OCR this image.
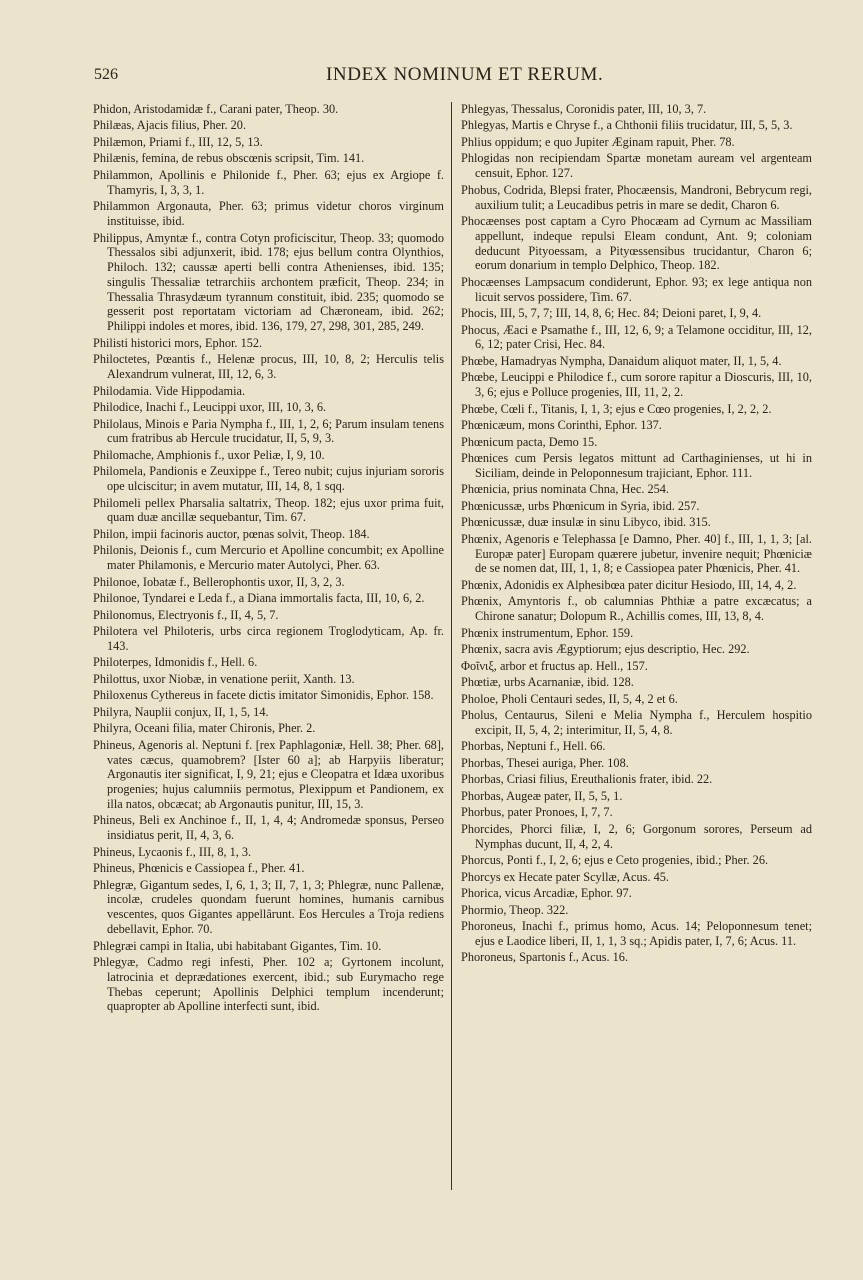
526	INDEX NOMINUM ET RERUM.

Phidon, Aristodamidæ f., Carani pater, Theop. 30.

Philæas, Ajacis filius, Pher. 20.

Philæmon, Priami f., III, 12, 5, 13.

Philænis, femina, de rebus obscœnis scripsit, Tim. 141.

Philammon, Apollinis e Philonide f., Pher. 63; ejus ex Argiope f. Thamyris, I, 3, 3, 1.

Philammon Argonauta, Pher. 63; primus videtur choros virginum instituisse, ibid.

Philippus, Amyntæ f., contra Cotyn proficiscitur, Theop. 33; quomodo Thessalos sibi adjunxerit, ibid. 178; ejus bellum contra Olynthios, Philoch. 132; caussæ aperti belli contra Athenienses, ibid. 135; singulis Thessaliæ tetrarchiis archontem præficit, Theop. 234; in Thessalia Thrasydæum tyrannum constituit, ibid. 235; quomodo se gesserit post reportatam victoriam ad Chæroneam, ibid. 262; Philippi indoles et mores, ibid. 136, 179, 27, 298, 301, 285, 249.

Philisti historici mors, Ephor. 152.

Philoctetes, Pœantis f., Helenæ procus, III, 10, 8, 2; Herculis telis Alexandrum vulnerat, III, 12, 6, 3.

Philodamia. Vide Hippodamia.

Philodice, Inachi f., Leucippi uxor, III, 10, 3, 6.

Philolaus, Minois e Paria Nympha f., III, 1, 2, 6; Parum insulam tenens cum fratribus ab Hercule trucidatur, II, 5, 9, 3.

Philomache, Amphionis f., uxor Peliæ, I, 9, 10.

Philomela, Pandionis e Zeuxippe f., Tereo nubit; cujus injuriam sororis ope ulciscitur; in avem mutatur, III, 14, 8, 1 sqq.

Philomeli pellex Pharsalia saltatrix, Theop. 182; ejus uxor prima fuit, quam duæ ancillæ sequebantur, Tim. 67.

Philon, impii facinoris auctor, pœnas solvit, Theop. 184.

Philonis, Deionis f., cum Mercurio et Apolline concumbit; ex Apolline mater Philamonis, e Mercurio mater Autolyci, Pher. 63.

Philonoe, Iobatæ f., Bellerophontis uxor, II, 3, 2, 3.

Philonoe, Tyndarei e Leda f., a Diana immortalis facta, III, 10, 6, 2.

Philonomus, Electryonis f., II, 4, 5, 7.

Philotera vel Philoteris, urbs circa regionem Troglodyticam, Ap. fr. 143.

Philoterpes, Idmonidis f., Hell. 6.

Philottus, uxor Niobæ, in venatione periit, Xanth. 13.

Philoxenus Cythereus in facete dictis imitator Simonidis, Ephor. 158.

Philyra, Nauplii conjux, II, 1, 5, 14.

Philyra, Oceani filia, mater Chironis, Pher. 2.

Phineus, Agenoris al. Neptuni f. [rex Paphlagoniæ, Hell. 38; Pher. 68], vates cæcus, quamobrem? [Ister 60 a]; ab Harpyiis liberatur; Argonautis iter significat, I, 9, 21; ejus e Cleopatra et Idæa uxoribus progenies; hujus calumniis permotus, Plexippum et Pandionem, ex illa natos, obcæcat; ab Argonautis punitur, III, 15, 3.

Phineus, Beli ex Anchinoe f., II, 1, 4, 4; Andromedæ sponsus, Perseo insidiatus perit, II, 4, 3, 6.

Phineus, Lycaonis f., III, 8, 1, 3.

Phineus, Phœnicis e Cassiopea f., Pher. 41.

Phlegræ, Gigantum sedes, I, 6, 1, 3; II, 7, 1, 3; Phlegræ, nunc Pallenæ, incolæ, crudeles quondam fuerunt homines, humanis carnibus vescentes, quos Gigantes appellârunt. Eos Hercules a Troja rediens debellavit, Ephor. 70.

Phlegræi campi in Italia, ubi habitabant Gigantes, Tim. 10.

Phlegyæ, Cadmo regi infesti, Pher. 102 a; Gyrtonem incolunt, latrocinia et deprædationes exercent, ibid.; sub Eurymacho rege Thebas ceperunt; Apollinis Delphici templum incenderunt; quapropter ab Apolline interfecti sunt, ibid.

Phlegyas, Thessalus, Coronidis pater, III, 10, 3, 7.

Phlegyas, Martis e Chryse f., a Chthonii filiis trucidatur, III, 5, 5, 3.

Phlius oppidum; e quo Jupiter Æginam rapuit, Pher. 78.

Phlogidas non recipiendam Spartæ monetam auream vel argenteam censuit, Ephor. 127.

Phobus, Codrida, Blepsi frater, Phocæensis, Mandroni, Bebrycum regi, auxilium tulit; a Leucadibus petris in mare se dedit, Charon 6.

Phocæenses post captam a Cyro Phocæam ad Cyrnum ac Massiliam appellunt, indeque repulsi Eleam condunt, Ant. 9; coloniam deducunt Pityoessam, a Pityœssensibus trucidantur, Charon 6; eorum donarium in templo Delphico, Theop. 182.

Phocæenses Lampsacum condiderunt, Ephor. 93; ex lege antiqua non licuit servos possidere, Tim. 67.

Phocis, III, 5, 7, 7; III, 14, 8, 6; Hec. 84; Deioni paret, I, 9, 4.

Phocus, Æaci e Psamathe f., III, 12, 6, 9; a Telamone occiditur, III, 12, 6, 12; pater Crisi, Hec. 84.

Phœbe, Hamadryas Nympha, Danaidum aliquot mater, II, 1, 5, 4.

Phœbe, Leucippi e Philodice f., cum sorore rapitur a Dioscuris, III, 10, 3, 6; ejus e Polluce progenies, III, 11, 2, 2.

Phœbe, Cœli f., Titanis, I, 1, 3; ejus e Cœo progenies, I, 2, 2, 2.

Phœnicæum, mons Corinthi, Ephor. 137.

Phœnicum pacta, Demo 15.

Phœnices cum Persis legatos mittunt ad Carthaginienses, ut hi in Siciliam, deinde in Peloponnesum trajiciant, Ephor. 111.

Phœnicia, prius nominata Chna, Hec. 254.

Phœnicussæ, urbs Phœnicum in Syria, ibid. 257.

Phœnicussæ, duæ insulæ in sinu Libyco, ibid. 315.

Phœnix, Agenoris e Telephassa [e Damno, Pher. 40] f., III, 1, 1, 3; [al. Europæ pater] Europam quærere jubetur, invenire nequit; Phœniciæ de se nomen dat, III, 1, 1, 8; e Cassiopea pater Phœnicis, Pher. 41.

Phœnix, Adonidis ex Alphesibœa pater dicitur Hesiodo, III, 14, 4, 2.

Phœnix, Amyntoris f., ob calumnias Phthiæ a patre excæcatus; a Chirone sanatur; Dolopum R., Achillis comes, III, 13, 8, 4.

Phœnix instrumentum, Ephor. 159.

Phœnix, sacra avis Ægyptiorum; ejus descriptio, Hec. 292.

Φοῖνιξ, arbor et fructus ap. Hell., 157.

Phœtiæ, urbs Acarnaniæ, ibid. 128.

Pholoe, Pholi Centauri sedes, II, 5, 4, 2 et 6.

Pholus, Centaurus, Sileni e Melia Nympha f., Herculem hospitio excipit, II, 5, 4, 2; interimitur, II, 5, 4, 8.

Phorbas, Neptuni f., Hell. 66.

Phorbas, Thesei auriga, Pher. 108.

Phorbas, Criasi filius, Ereuthalionis frater, ibid. 22.

Phorbas, Augeæ pater, II, 5, 5, 1.

Phorbus, pater Pronoes, I, 7, 7.

Phorcides, Phorci filiæ, I, 2, 6; Gorgonum sorores, Perseum ad Nymphas ducunt, II, 4, 2, 4.

Phorcus, Ponti f., I, 2, 6; ejus e Ceto progenies, ibid.; Pher. 26.

Phorcys ex Hecate pater Scyllæ, Acus. 45.

Phorica, vicus Arcadiæ, Ephor. 97.

Phormio, Theop. 322.

Phoroneus, Inachi f., primus homo, Acus. 14; Peloponnesum tenet; ejus e Laodice liberi, II, 1, 1, 3 sq.; Apidis pater, I, 7, 6; Acus. 11.

Phoroneus, Spartonis f., Acus. 16.
